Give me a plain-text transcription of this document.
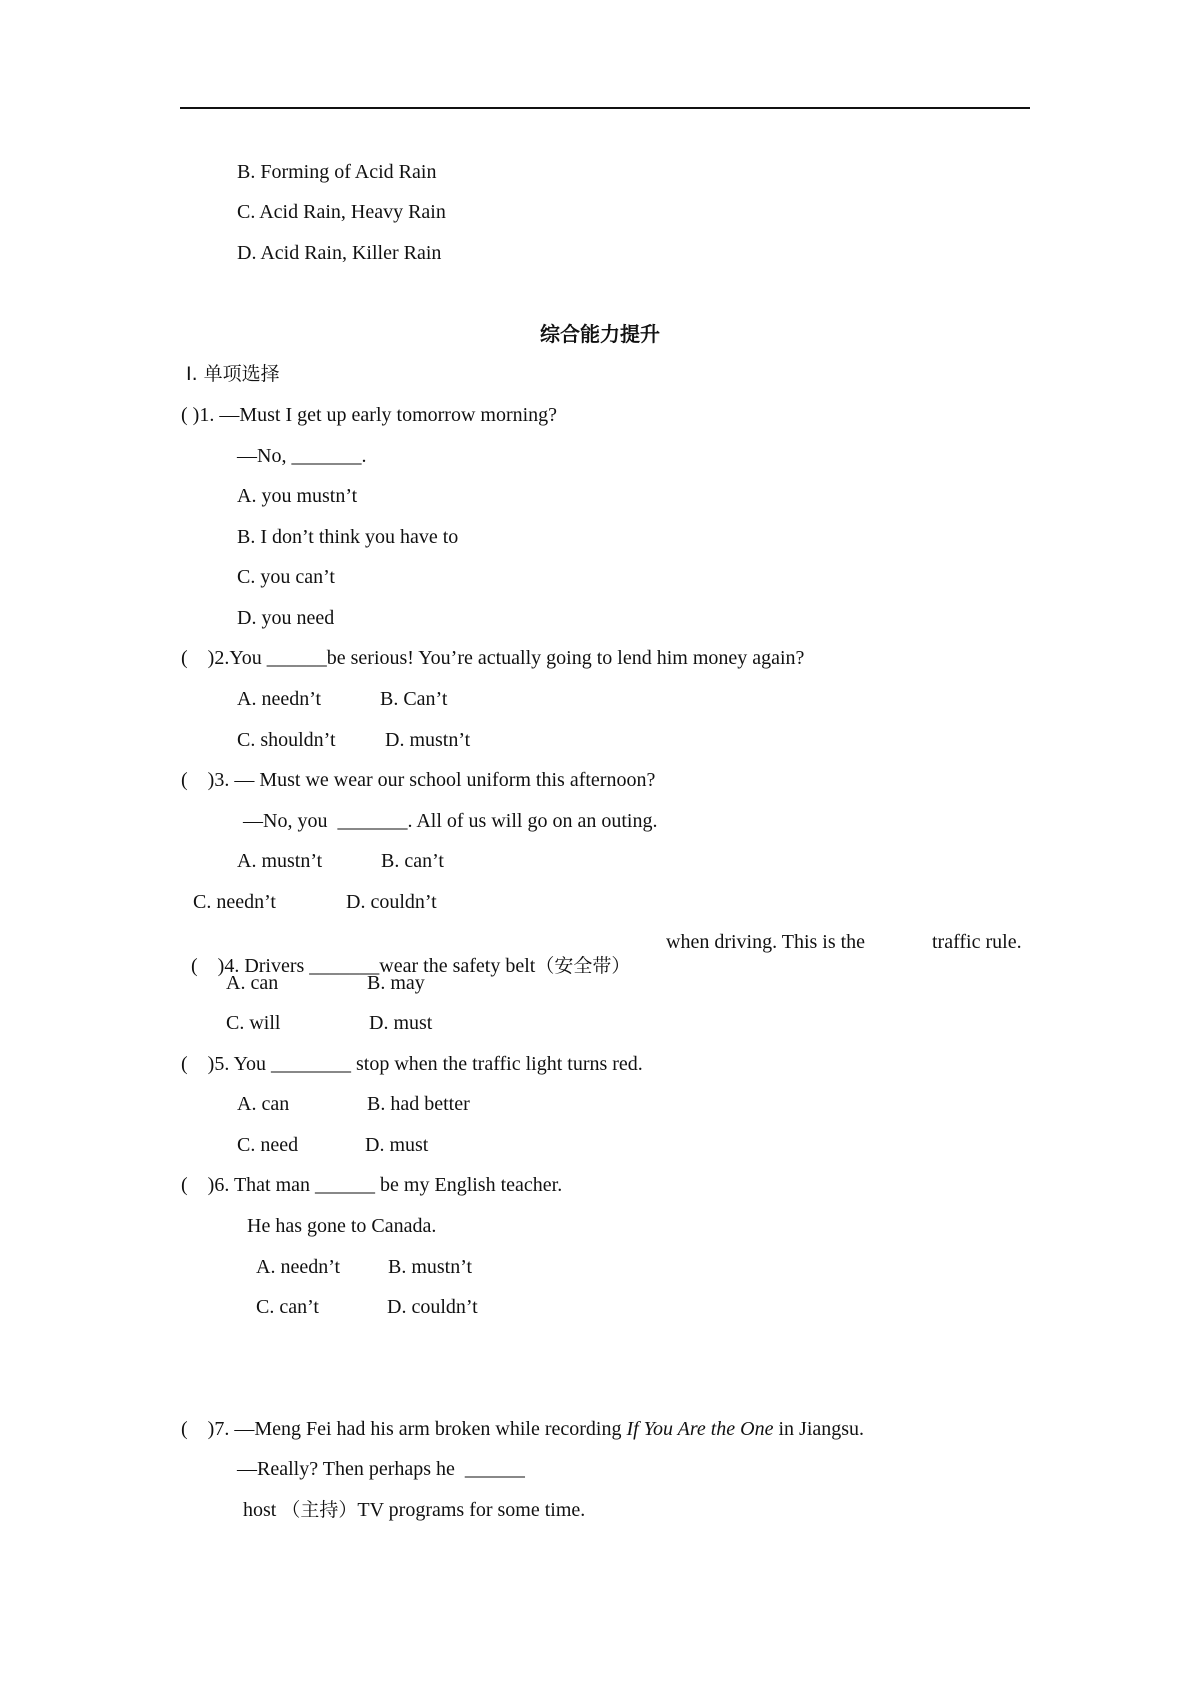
B. Forming of Acid Rain
C. Acid Rain, Heavy Rain
D. Acid Rain, Killer Rain
综合能力提升
Ⅰ. 单项选择
( )1. —Must I get up early tomorrow morning?
—No, _______.
A. you mustn’t
B. I don’t think you have to
C. you can’t
D. you need
(    )2.You ______be serious! You’re actually going to lend him money again?
A. needn’t	B. Can’t
C. shouldn’t D. mustn’t
(    )3. — Must we wear our school uniform this afternoon?
—No, you  _______. All of us will go on an outing.
A. mustn’t	B. can’t
C. needn’t	D. couldn’t

(    )4. Drivers _______wear the safety belt（安全带）

when driving. This is the	traffic rule.
A. can	B. may
C. will	D. must
(    )5. You ________ stop when the traffic light turns red.
A. can	B. had better
C. need	D. must
(    )6. That man ______ be my English teacher.
He has gone to Canada.
A. needn’t B. mustn’t
C. can’t	D. couldn’t
(    )7. —Meng Fei had his arm broken while recording If You Are the One in Jiangsu.
—Really? Then perhaps he  ______
host （主持）TV programs for some time.
